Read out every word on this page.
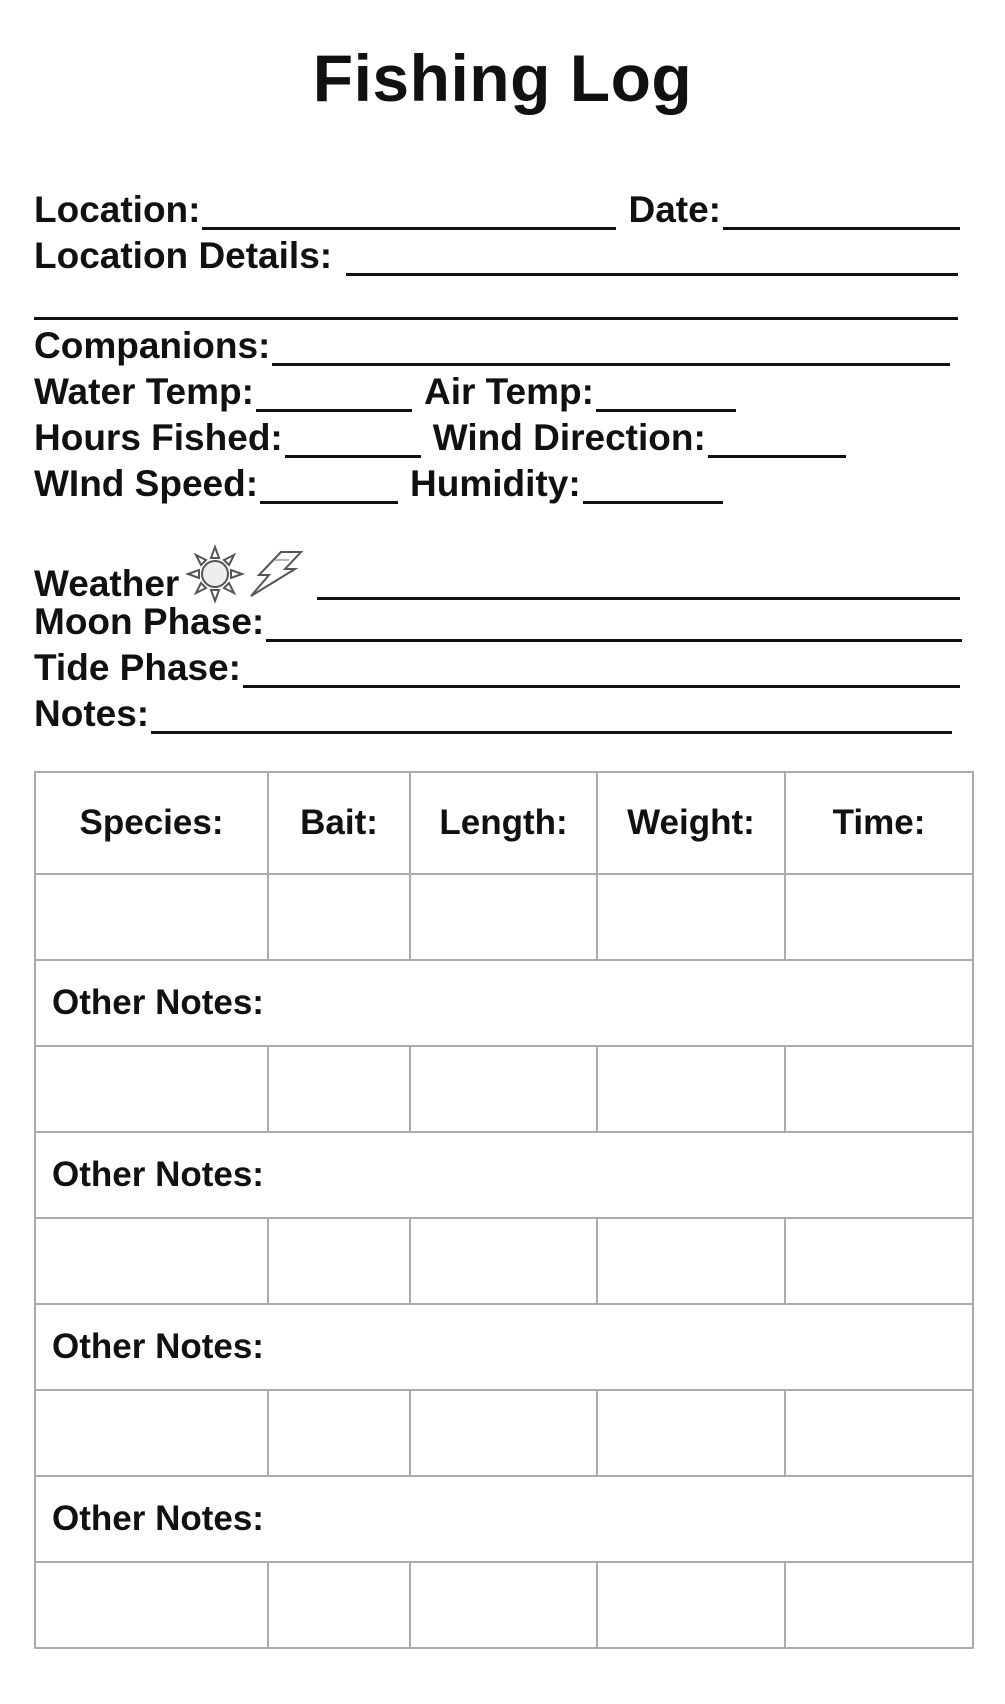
Fishing Log
Location:	Date:
Location Details:
Companions:
Water Temp:	Air Temp:
Hours Fished:	Wind Direction:
WInd Speed:	Humidity:
Weather
Moon Phase:
Tide Phase:
Notes:
Species:	Bait:	Length:	Weight:	Time:

Other Notes:				

Other Notes:				

Other Notes:				

Other Notes:				
